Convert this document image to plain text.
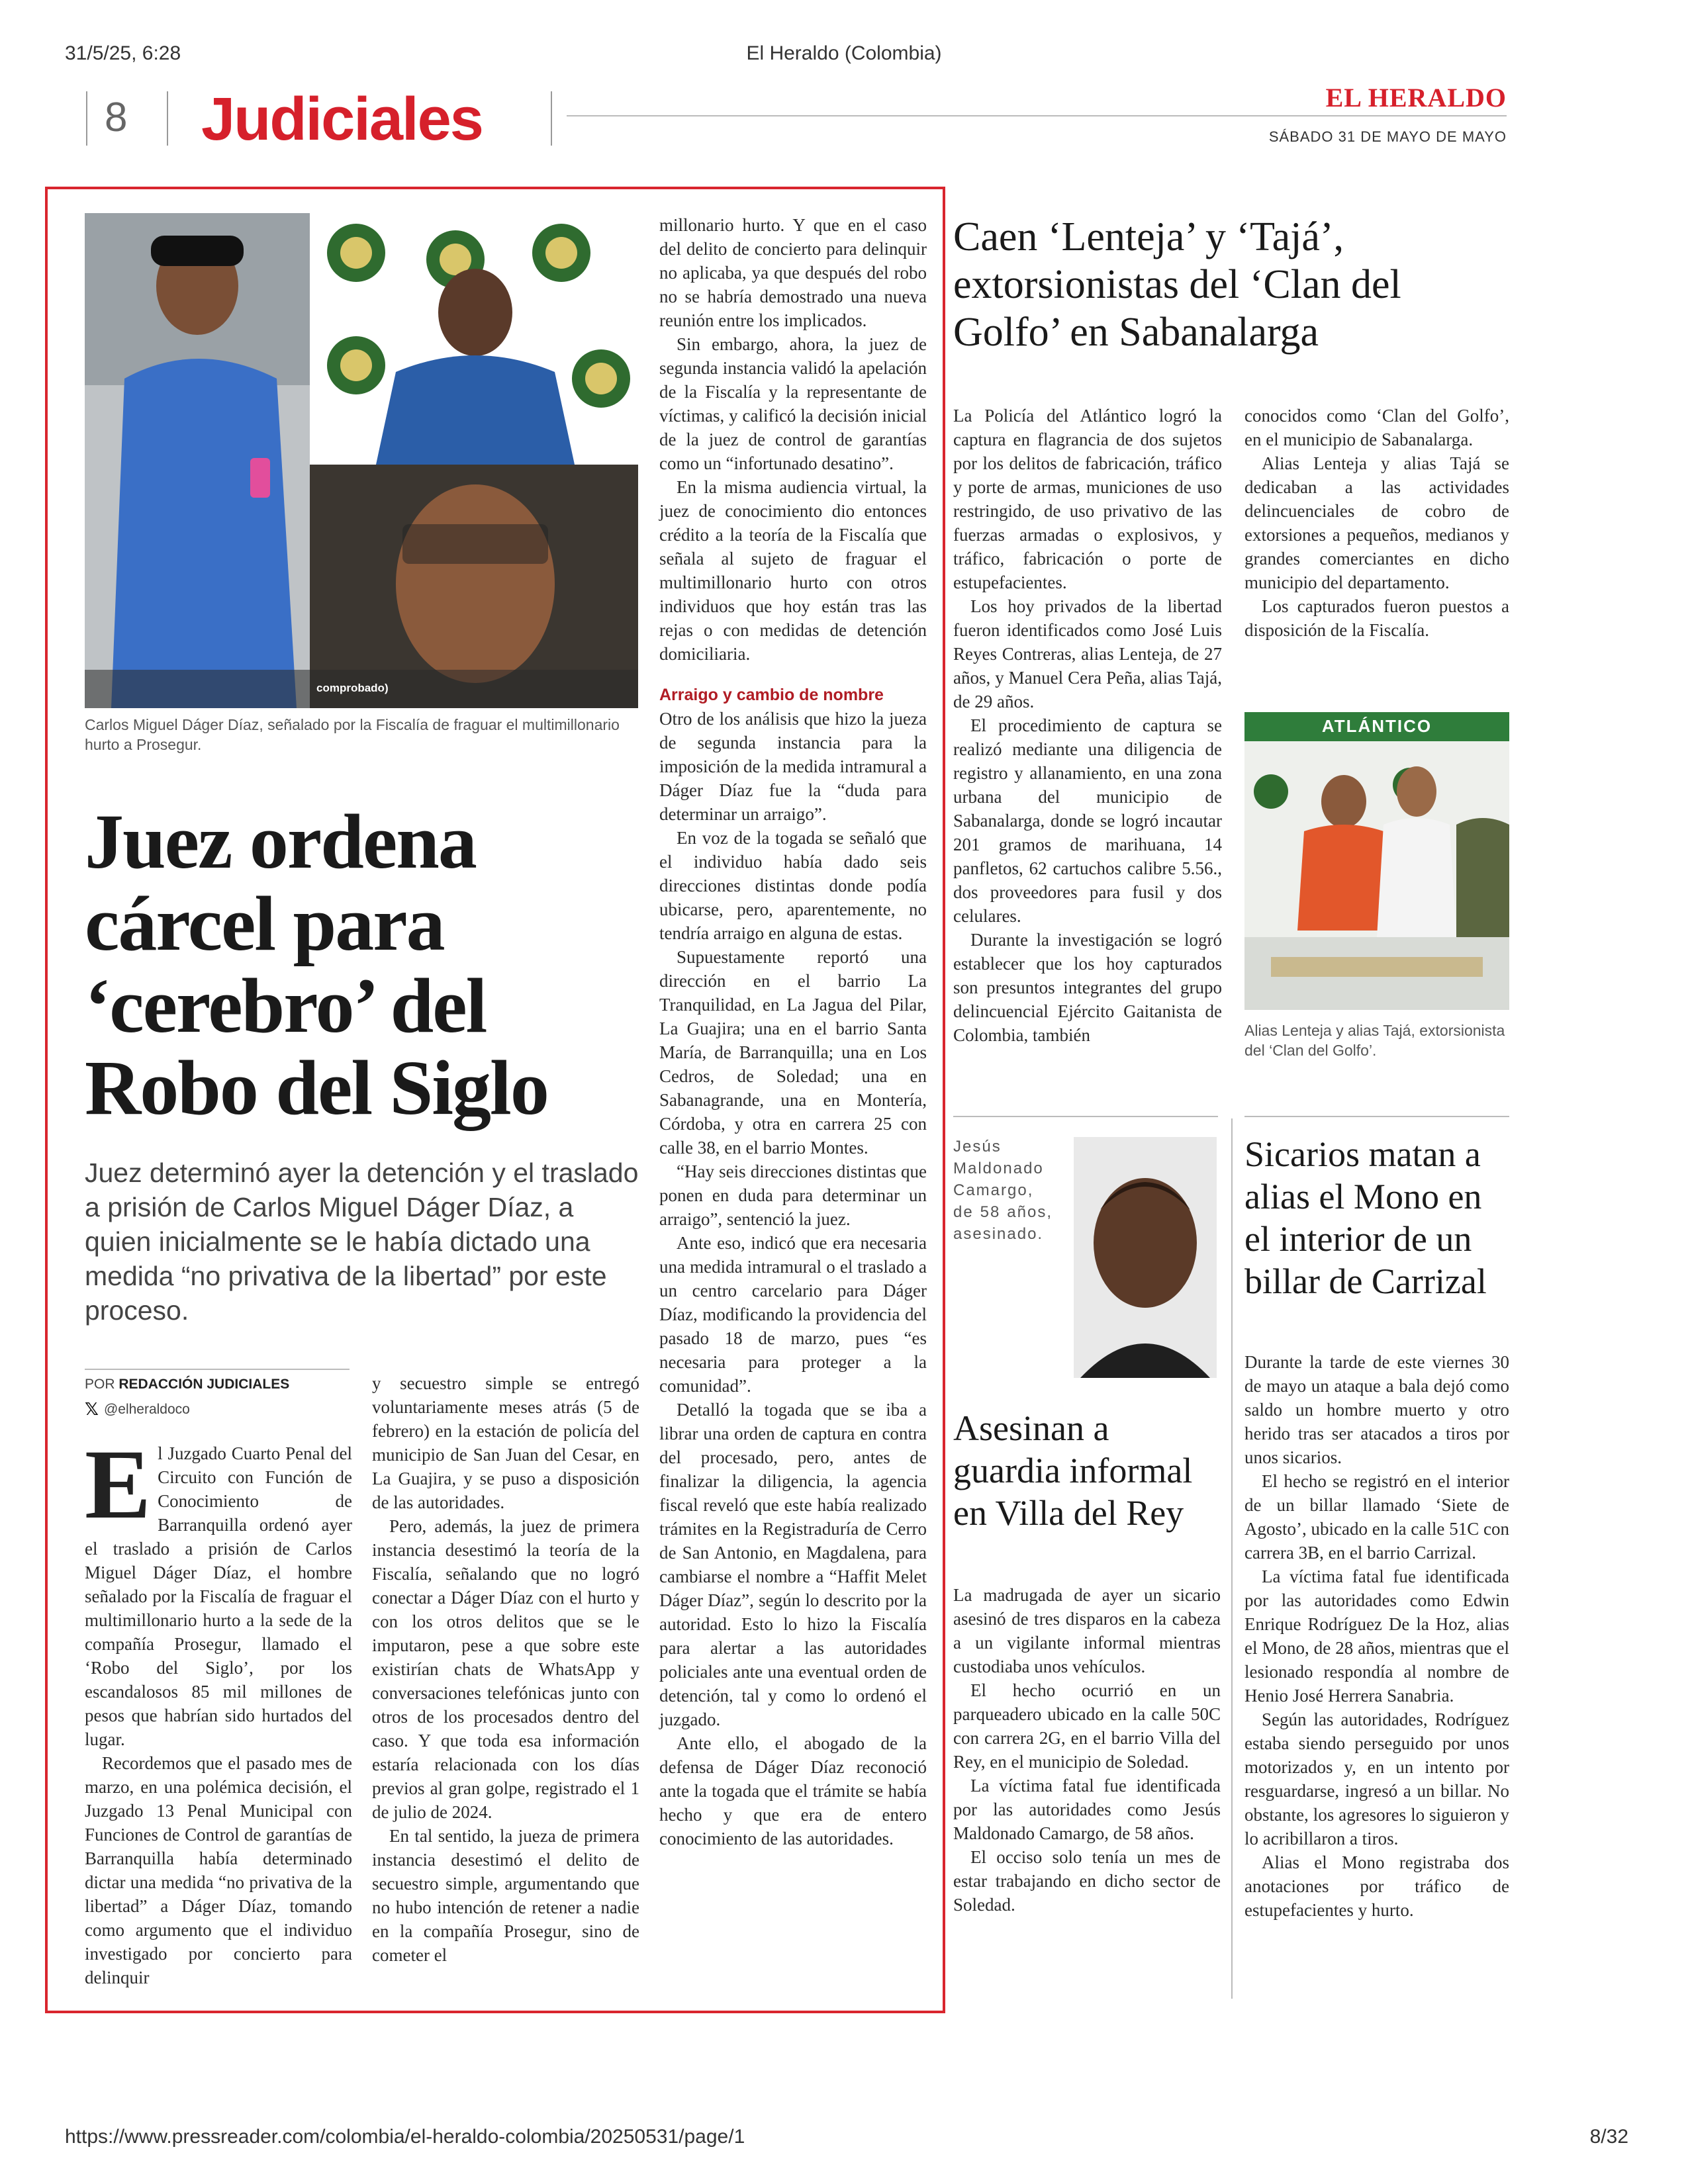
31/5/25, 6:28	El Heraldo (Colombia)
8 Judiciales	EL HERALDO
SÁBADO 31 DE MAYO DE MAYO
comprobado)
Carlos Miguel Dáger Díaz, señalado por la Fiscalía de fraguar el multimillonario hurto a Prosegur.
Juez ordena
cárcel para
‘cerebro’ del
Robo del Siglo
Juez determinó ayer la detención y el traslado a prisión de Carlos Miguel Dáger Díaz, a quien inicialmente se le había dictado una medida “no privativa de la libertad” por este proceso.
POR REDACCIÓN JUDICIALES
𝕏 @elheraldoco
E l Juzgado Cuarto Penal del Circuito con Función de Conocimiento de Barranquilla ordenó ayer el traslado a prisión de Carlos Miguel Dáger Díaz, el hombre señalado por la Fiscalía de fraguar el multimillonario hurto a la sede de la compañía Prosegur, llamado el ‘Robo del Siglo’, por los escandalosos 85 mil millones de pesos que habrían sido hurtados del lugar.

Recordemos que el pasado mes de marzo, en una polémica decisión, el Juzgado 13 Penal Municipal con Funciones de Control de garantías de Barranquilla había determinado dictar una medida “no privativa de la libertad” a Dáger Díaz, tomando como argumento que el individuo investigado por concierto para delinquir

y secuestro simple se entregó voluntariamente meses atrás (5 de febrero) en la estación de policía del municipio de San Juan del Cesar, en La Guajira, y se puso a disposición de las autoridades.

Pero, además, la juez de primera instancia desestimó la teoría de la Fiscalía, señalando que no logró conectar a Dáger Díaz con el hurto y con los otros delitos que se le imputaron, pese a que sobre este existirían chats de WhatsApp y conversaciones telefónicas junto con otros de los procesados dentro del caso. Y que toda esa información estaría relacionada con los días previos al gran golpe, registrado el 1 de julio de 2024.

En tal sentido, la jueza de primera instancia desestimó el delito de secuestro simple, argumentando que no hubo intención de retener a nadie en la compañía Prosegur, sino de cometer el

millonario hurto. Y que en el caso del delito de concierto para delinquir no aplicaba, ya que después del robo no se habría demostrado una nueva reunión entre los implicados.

Sin embargo, ahora, la juez de segunda instancia validó la apelación de la Fiscalía y la representante de víctimas, y calificó la decisión inicial de la juez de control de garantías como un “infortunado desatino”.

En la misma audiencia virtual, la juez de conocimiento dio entonces crédito a la teoría de la Fiscalía que señala al sujeto de fraguar el multimillonario hurto con otros individuos que hoy están tras las rejas o con medidas de detención domiciliaria.

Arraigo y cambio de nombre

Otro de los análisis que hizo la jueza de segunda instancia para la imposición de la medida intramural a Dáger Díaz fue la “duda para determinar un arraigo”.

En voz de la togada se señaló que el individuo había dado seis direcciones distintas donde podía ubicarse, pero, aparentemente, no tendría arraigo en alguna de estas.

Supuestamente reportó una dirección en el barrio La Tranquilidad, en La Jagua del Pilar, La Guajira; una en el barrio Santa María, de Barranquilla; una en Los Cedros, de Soledad; una en Sabanagrande, una en Montería, Córdoba, y otra en carrera 25 con calle 38, en el barrio Montes.

“Hay seis direcciones distintas que ponen en duda para determinar un arraigo”, sentenció la juez.

Ante eso, indicó que era necesaria una medida intramural o el traslado a un centro carcelario para Dáger Díaz, modificando la providencia del pasado 18 de marzo, pues “es necesaria para proteger a la comunidad”.

Detalló la togada que se iba a librar una orden de captura en contra del procesado, pero, antes de finalizar la diligencia, la agencia fiscal reveló que este había realizado trámites en la Registraduría de Cerro de San Antonio, en Magdalena, para cambiarse el nombre a “Haffit Melet Dáger Díaz”, según lo descrito por la autoridad. Esto lo hizo la Fiscalía para alertar a las autoridades policiales ante una eventual orden de detención, tal y como lo ordenó el juzgado.

Ante ello, el abogado de la defensa de Dáger Díaz reconoció ante la togada que el trámite se había hecho y que era de entero conocimiento de las autoridades.

Caen ‘Lenteja’ y ‘Tajá’,
extorsionistas del ‘Clan del
Golfo’ en Sabanalarga

La Policía del Atlántico logró la captura en flagrancia de dos sujetos por los delitos de fabricación, tráfico y porte de armas, municiones de uso restringido, de uso privativo de las fuerzas armadas o explosivos, y tráfico, fabricación o porte de estupefacientes.

Los hoy privados de la libertad fueron identificados como José Luis Reyes Contreras, alias Lenteja, de 27 años, y Manuel Cera Peña, alias Tajá, de 29 años.

El procedimiento de captura se realizó mediante una diligencia de registro y allanamiento, en una zona urbana del municipio de Sabanalarga, donde se logró incautar 201 gramos de marihuana, 14 panfletos, 62 cartuchos calibre 5.56., dos proveedores para fusil y dos celulares.

Durante la investigación se logró establecer que los hoy capturados son presuntos integrantes del grupo delincuencial Ejército Gaitanista de Colombia, también

conocidos como ‘Clan del Golfo’, en el municipio de Sabanalarga.

Alias Lenteja y alias Tajá se dedicaban a las actividades delincuenciales de cobro de extorsiones a pequeños, medianos y grandes comerciantes en dicho municipio del departamento.

Los capturados fueron puestos a disposición de la Fiscalía.

ATLÁNTICO
Alias Lenteja y alias Tajá, extorsionista del ‘Clan del Golfo’.
Jesús Maldonado Camargo, de 58 años, asesinado.
Asesinan a
guardia informal
en Villa del Rey

La madrugada de ayer un sicario asesinó de tres disparos en la cabeza a un vigilante informal mientras custodiaba unos vehículos.

El hecho ocurrió en un parqueadero ubicado en la calle 50C con carrera 2G, en el barrio Villa del Rey, en el municipio de Soledad.

La víctima fatal fue identificada por las autoridades como Jesús Maldonado Camargo, de 58 años.

El occiso solo tenía un mes de estar trabajando en dicho sector de Soledad.

Sicarios matan a
alias el Mono en
el interior de un
billar de Carrizal

Durante la tarde de este viernes 30 de mayo un ataque a bala dejó como saldo un hombre muerto y otro herido tras ser atacados a tiros por unos sicarios.

El hecho se registró en el interior de un billar llamado ‘Siete de Agosto’, ubicado en la calle 51C con carrera 3B, en el barrio Carrizal.

La víctima fatal fue identificada por las autoridades como Edwin Enrique Rodríguez De la Hoz, alias el Mono, de 28 años, mientras que el lesionado respondía al nombre de Henio José Herrera Sanabria.

Según las autoridades, Rodríguez estaba siendo perseguido por unos motorizados y, en un intento por resguardarse, ingresó a un billar. No obstante, los agresores lo siguieron y lo acribillaron a tiros.

Alias el Mono registraba dos anotaciones por tráfico de estupefacientes y hurto.

https://www.pressreader.com/colombia/el-heraldo-colombia/20250531/page/1	8/32
